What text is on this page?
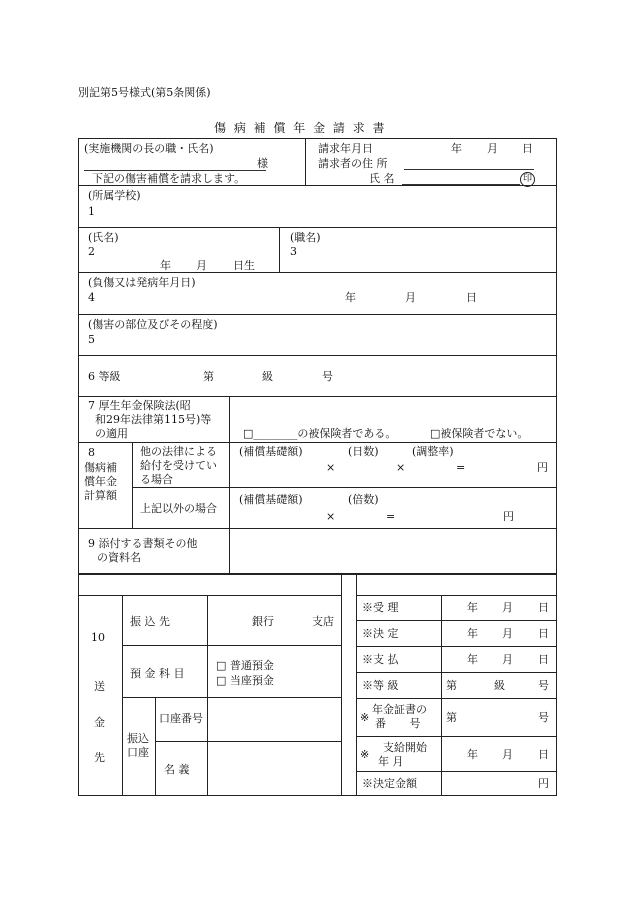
別記第5号様式(第5条関係)
傷 病 補 償 年 金 請 求 書
(実施機関の長の職・氏名)
様
下記の傷害補償を請求します。
請求年月日	年 月 日
請求者の住 所
氏 名	印
(所属学校)
1
(氏名)
2
年 月 日生
(職名)
3
(負傷又は発病年月日)
4	年	月	日
(傷害の部位及びその程度)
5
6 等級	第	級	号
7 厚生年金保険法(昭
和29年法律第115号)等
の適用	□________の被保険者である。	□被保険者でない。
8
傷病補
償年金
計算額
他の法律による
給付を受けてい
る場合
(補償基礎額)	(日数)	(調整率)
×	×	=	円
上記以外の場合
(補償基礎額)	(倍数)
×	=	円
9 添付する書類その他
の資料名
10
送
金
先
振 込 先	銀行	支店
預 金 科 目
□ 普通預金
□ 当座預金
振込
口座
口座番号
名 義
※受 理	年 月 日
※決 定	年 月 日
※支 払	年 月 日
※等 級	第	級	号
※
年金証書の
番 号 第	号
※
支給開始
年 月
年 月 日
※決定金額	円
